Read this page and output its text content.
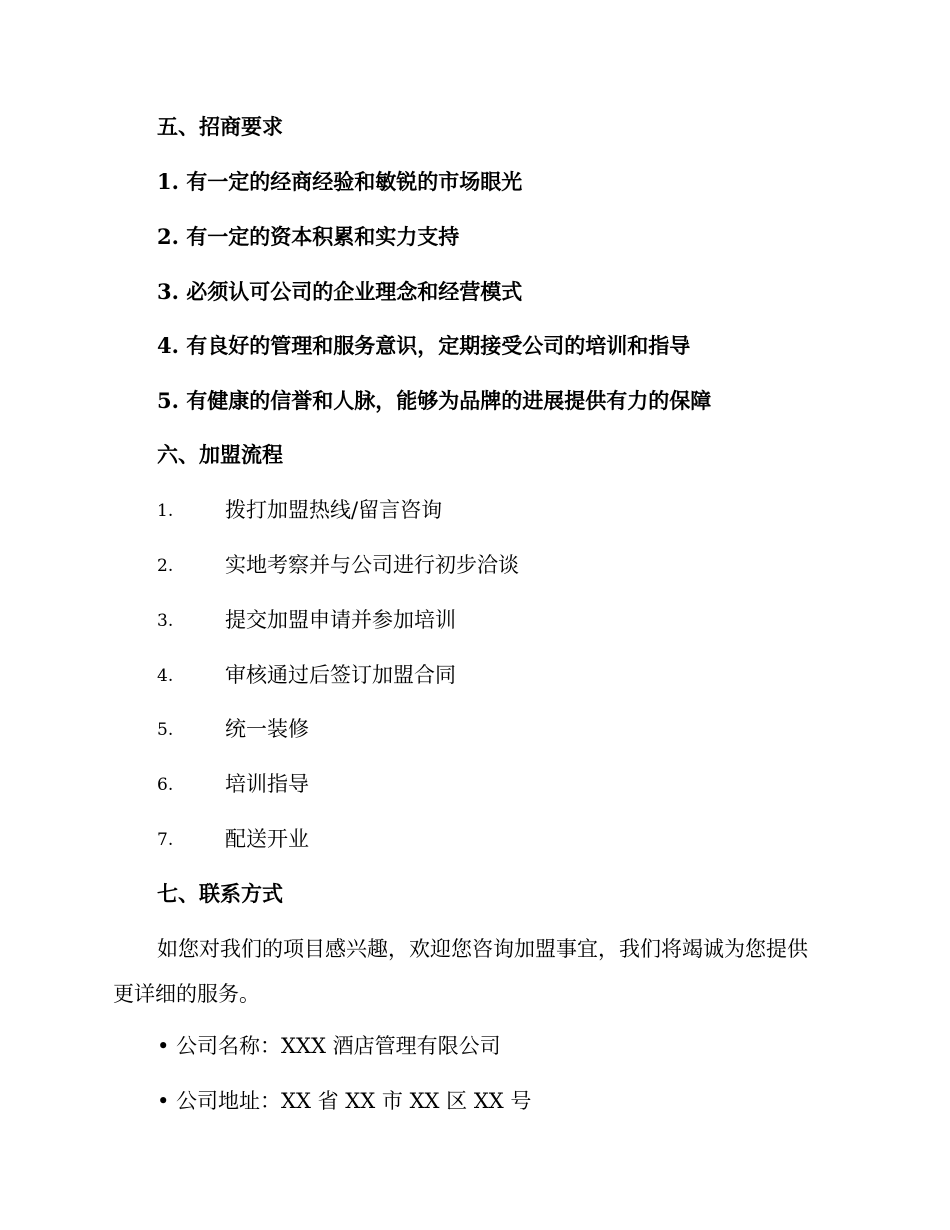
五、招商要求
1. 有一定的经商经验和敏锐的市场眼光
2. 有一定的资本积累和实力支持
3. 必须认可公司的企业理念和经营模式
4. 有良好的管理和服务意识，定期接受公司的培训和指导
5. 有健康的信誉和人脉，能够为品牌的进展提供有力的保障
六、加盟流程
1. 拨打加盟热线/留言咨询
2. 实地考察并与公司进行初步洽谈
3. 提交加盟申请并参加培训
4. 审核通过后签订加盟合同
5. 统一装修
6. 培训指导
7. 配送开业
七、联系方式
如您对我们的项目感兴趣，欢迎您咨询加盟事宜，我们将竭诚为您提供
更详细的服务。
• 公司名称：XXX 酒店管理有限公司
• 公司地址：XX 省 XX 市 XX 区 XX 号
